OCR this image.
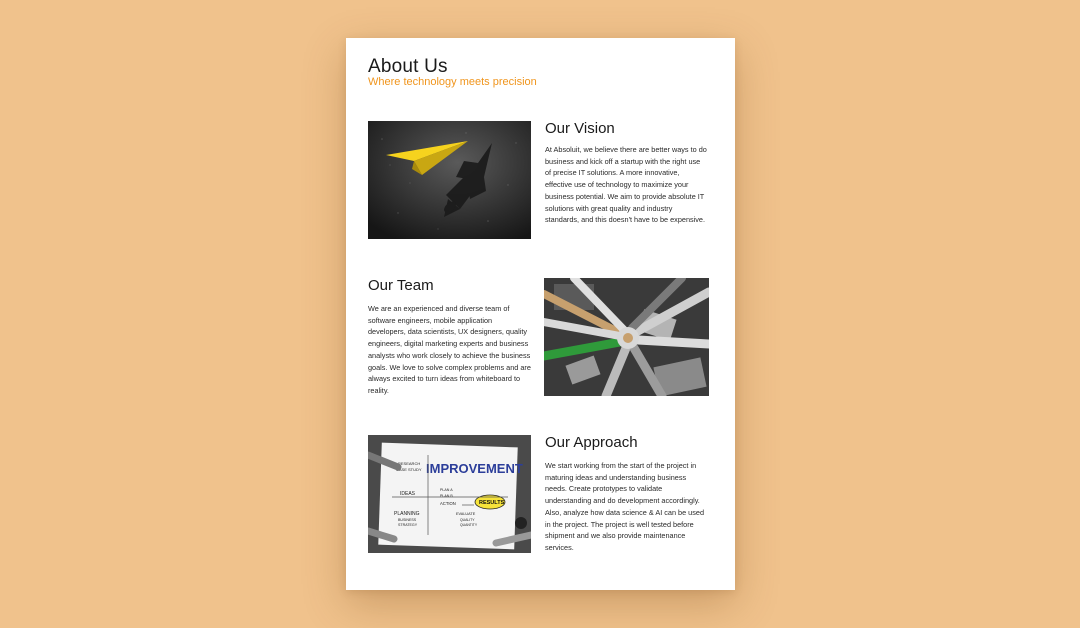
About Us
Where technology meets precision
Our Vision

At Absoluit, we believe there are better ways to do business and kick off a startup with the right use of precise IT solutions. A more innovative, effective use of technology to maximize your business potential. We aim to provide absolute IT solutions with great quality and industry standards, and this doesn't have to be expensive.

Our Team

We are an experienced and diverse team of software engineers, mobile application developers, data scientists, UX designers, quality engineers, digital marketing experts and business analysts who work closely to achieve the business goals. We love to solve complex problems and are always excited to turn ideas from whiteboard to reality.

IMPROVEMENT
RESEARCH
CASE STUDY
IDEAS
PLANNING
BUSINESS
STRATEGY
PLAN A
PLAN B
ACTION
EVALUATE
QUALITY
QUANTITY
RESULTS
Our Approach

We start working from the start of the project in maturing ideas and understanding business needs. Create prototypes to validate understanding and do development accordingly. Also, analyze how data science & AI can be used in the project. The project is well tested before shipment and we also provide maintenance services.
